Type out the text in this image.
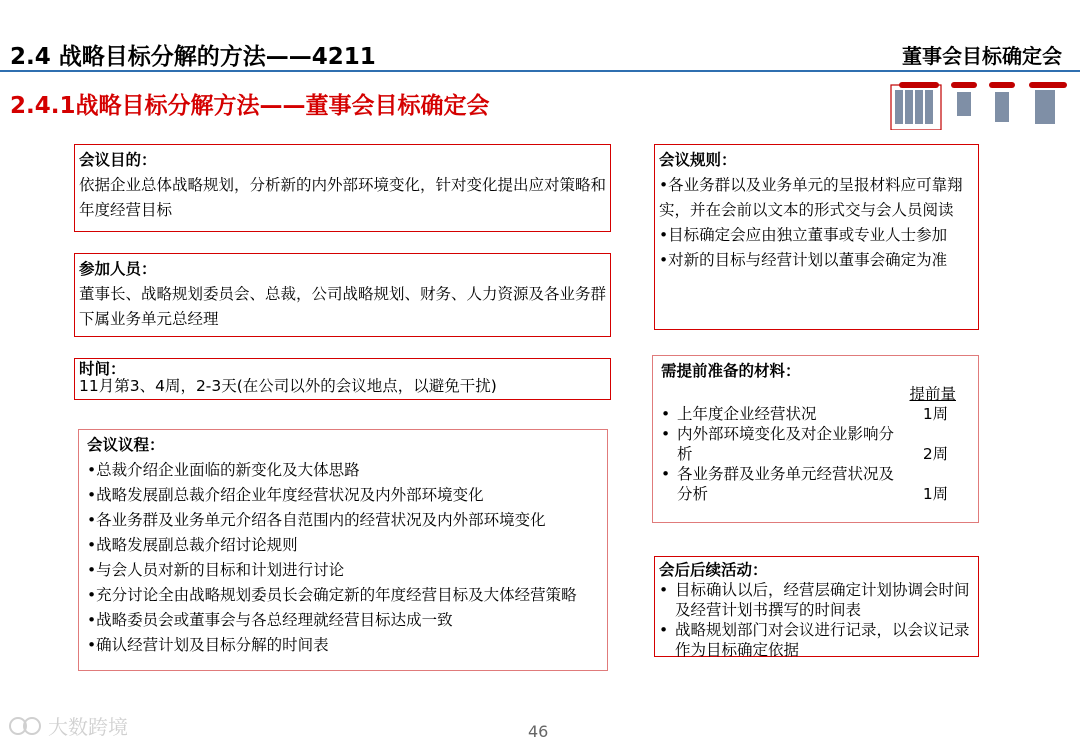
2.4 战略目标分解的方法——4211	董事会目标确定会
2.4.1战略目标分解方法——董事会目标确定会
会议目的：

依据企业总体战略规划，分析新的内外部环境变化，针对变化提出应对策略和年度经营目标

参加人员：

董事长、战略规划委员会、总裁，公司战略规划、财务、人力资源及各业务群下属业务单元总经理

时间：

11月第3、4周，2-3天(在公司以外的会议地点，以避免干扰)

会议议程：

•总裁介绍企业面临的新变化及大体思路

•战略发展副总裁介绍企业年度经营状况及内外部环境变化

•各业务群及业务单元介绍各自范围内的经营状况及内外部环境变化

•战略发展副总裁介绍讨论规则

•与会人员对新的目标和计划进行讨论

•充分讨论全由战略规划委员长会确定新的年度经营目标及大体经营策略

•战略委员会或董事会与各总经理就经营目标达成一致

•确认经营计划及目标分解的时间表

会议规则：

•各业务群以及业务单元的呈报材料应可靠翔实，并在会前以文本的形式交与会人员阅读

•目标确定会应由独立董事或专业人士参加

•对新的目标与经营计划以董事会确定为准

需提前准备的材料：
提前量
• 上年度企业经营状况	1周
• 内外部环境变化及对企业影响分析	2周
• 各业务群及业务单元经营状况及分析	1周
会后后续活动：
• 目标确认以后，经营层确定计划协调会时间及经营计划书撰写的时间表
• 战略规划部门对会议进行记录，以会议记录作为目标确定依据
大数跨境	46
